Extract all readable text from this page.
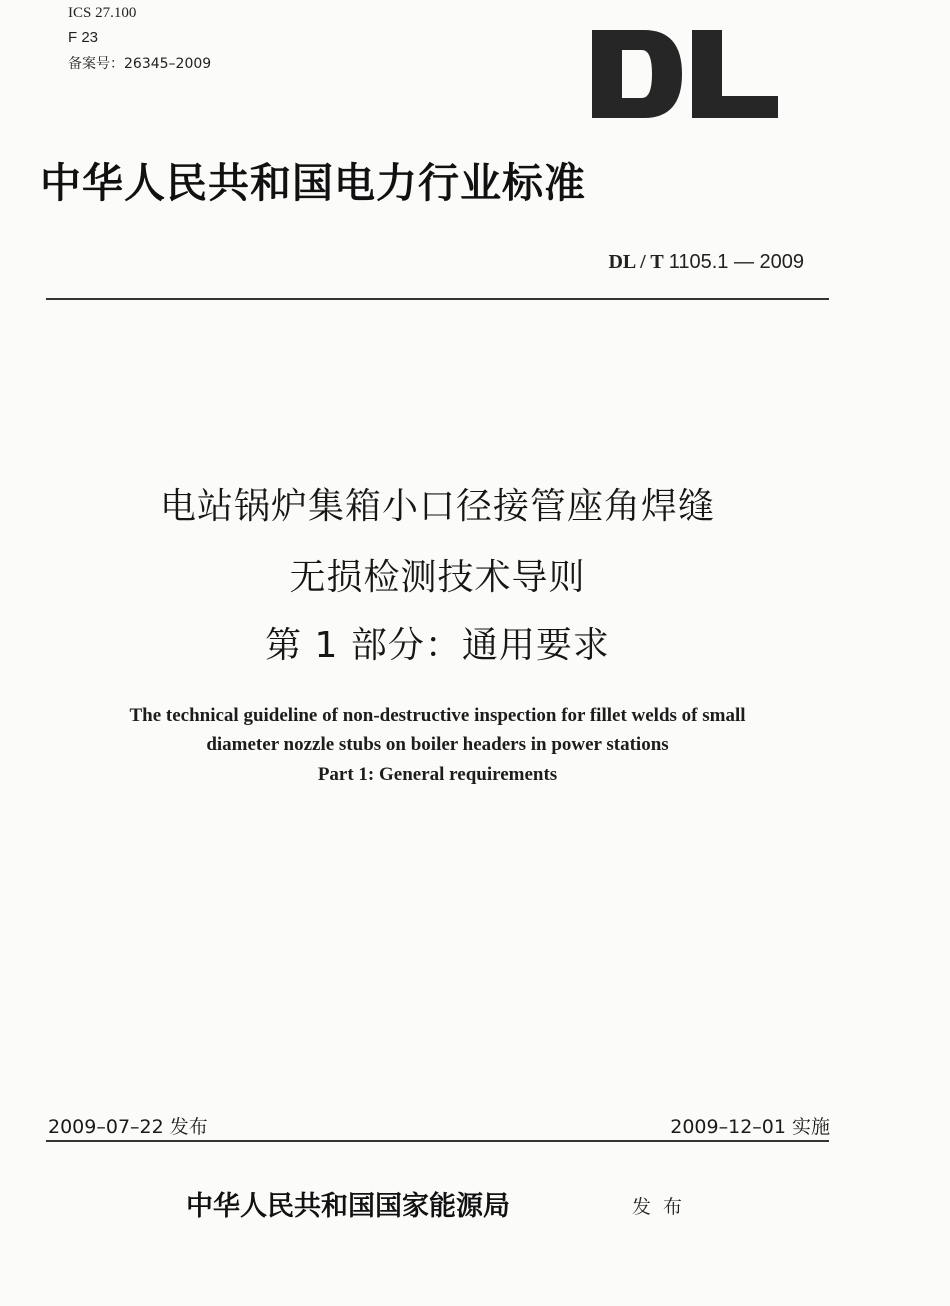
ICS 27.100
F 23
备案号：26345–2009
中华人民共和国电力行业标准
DL / T 1105.1 — 2009
电站锅炉集箱小口径接管座角焊缝
无损检测技术导则
第 1 部分：通用要求
The technical guideline of non-destructive inspection for fillet welds of small
diameter nozzle stubs on boiler headers in power stations
Part 1: General requirements
2009–07–22 发布	2009–12–01 实施
中华人民共和国国家能源局	发布
